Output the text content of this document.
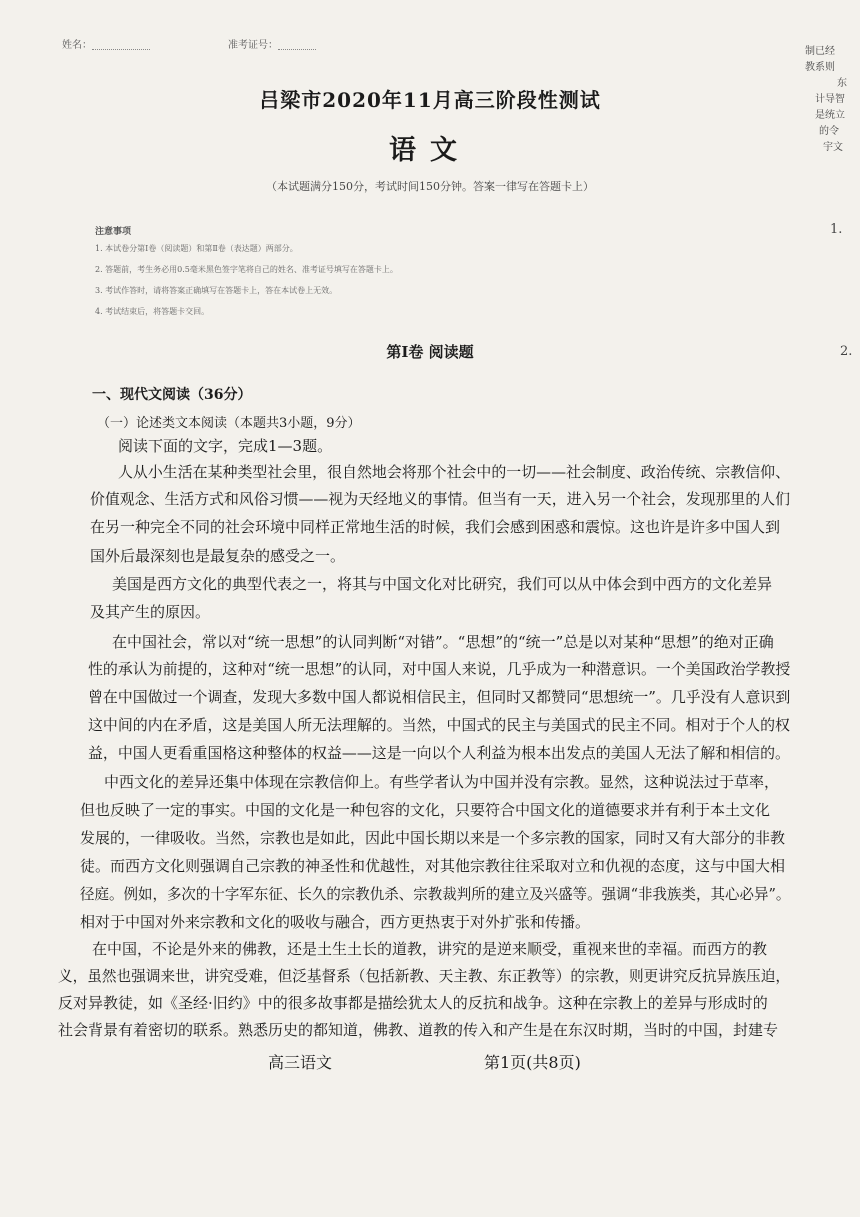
姓名：	准考证号：
制已经
教系则
东
计导智
是统立
的令
宇文
1.
2.
吕梁市2020年11月高三阶段性测试
语文
（本试题满分150分，考试时间150分钟。答案一律写在答题卡上）
注意事项
1. 本试卷分第Ⅰ卷（阅读题）和第Ⅱ卷（表达题）两部分。
2. 答题前，考生务必用0.5毫米黑色签字笔将自己的姓名、准考证号填写在答题卡上。
3. 考试作答时，请将答案正确填写在答题卡上，答在本试卷上无效。
4. 考试结束后，将答题卡交回。
第Ⅰ卷 阅读题
一、现代文阅读（36分）
（一）论述类文本阅读（本题共3小题，9分）
阅读下面的文字，完成1—3题。
人从小生活在某种类型社会里，很自然地会将那个社会中的一切——社会制度、政治传统、宗教信仰、
价值观念、生活方式和风俗习惯——视为天经地义的事情。但当有一天，进入另一个社会，发现那里的人们
在另一种完全不同的社会环境中同样正常地生活的时候，我们会感到困惑和震惊。这也许是许多中国人到
国外后最深刻也是最复杂的感受之一。
美国是西方文化的典型代表之一，将其与中国文化对比研究，我们可以从中体会到中西方的文化差异
及其产生的原因。
在中国社会，常以对“统一思想”的认同判断“对错”。“思想”的“统一”总是以对某种“思想”的绝对正确
性的承认为前提的，这种对“统一思想”的认同，对中国人来说，几乎成为一种潜意识。一个美国政治学教授
曾在中国做过一个调查，发现大多数中国人都说相信民主，但同时又都赞同“思想统一”。几乎没有人意识到
这中间的内在矛盾，这是美国人所无法理解的。当然，中国式的民主与美国式的民主不同。相对于个人的权
益，中国人更看重国格这种整体的权益——这是一向以个人利益为根本出发点的美国人无法了解和相信的。
中西文化的差异还集中体现在宗教信仰上。有些学者认为中国并没有宗教。显然，这种说法过于草率，
但也反映了一定的事实。中国的文化是一种包容的文化，只要符合中国文化的道德要求并有利于本土文化
发展的，一律吸收。当然，宗教也是如此，因此中国长期以来是一个多宗教的国家，同时又有大部分的非教
徒。而西方文化则强调自己宗教的神圣性和优越性，对其他宗教往往采取对立和仇视的态度，这与中国大相
径庭。例如，多次的十字军东征、长久的宗教仇杀、宗教裁判所的建立及兴盛等。强调“非我族类，其心必异”。
相对于中国对外来宗教和文化的吸收与融合，西方更热衷于对外扩张和传播。
在中国，不论是外来的佛教，还是土生土长的道教，讲究的是逆来顺受，重视来世的幸福。而西方的教
义，虽然也强调来世，讲究受难，但泛基督系（包括新教、天主教、东正教等）的宗教，则更讲究反抗异族压迫，
反对异教徒，如《圣经·旧约》中的很多故事都是描绘犹太人的反抗和战争。这种在宗教上的差异与形成时的
社会背景有着密切的联系。熟悉历史的都知道，佛教、道教的传入和产生是在东汉时期，当时的中国，封建专
高三语文	第1页(共8页)
